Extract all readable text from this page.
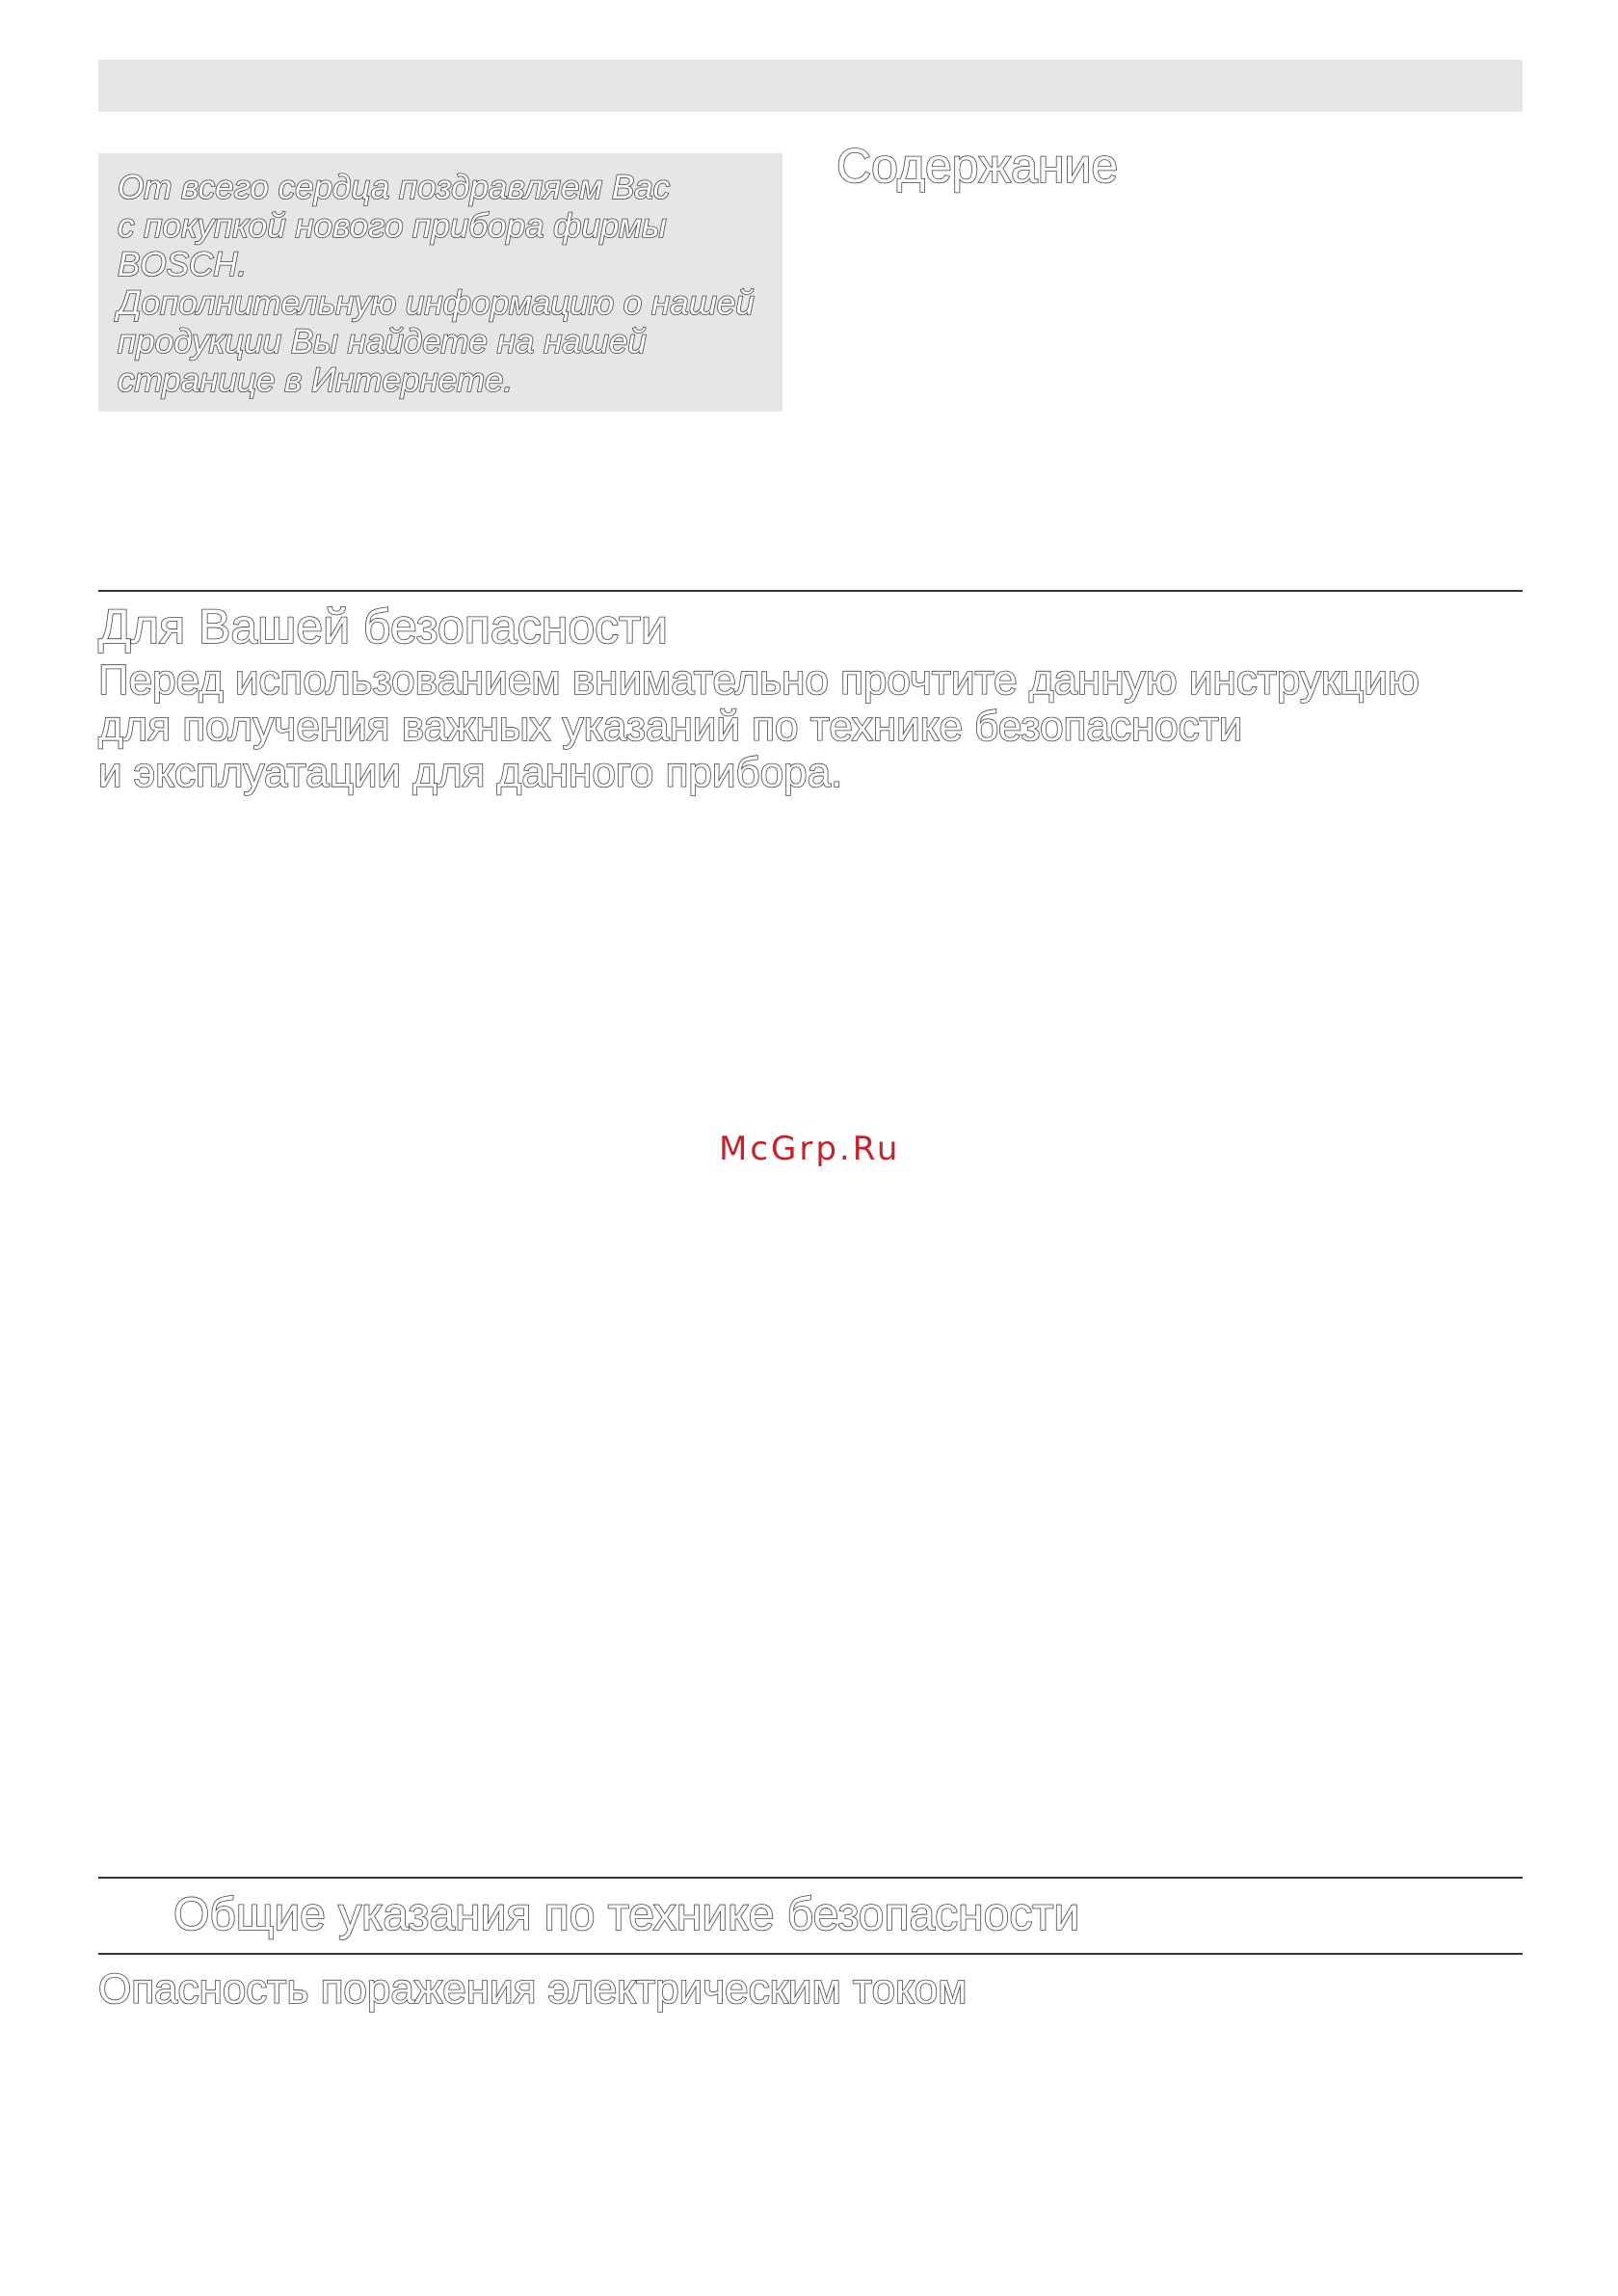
От всего сердца поздравляем Вас
с покупкой нового прибора фирмы
BOSCH.
Дополнительную информацию о нашей
продукции Вы найдете на нашей
странице в Интернете.
Содержание
Для Вашей безопасности
Перед использованием внимательно прочтите данную инструкцию
для получения важных указаний по технике безопасности
и эксплуатации для данного прибора.
McGrp.Ru
Общие указания по технике безопасности
Опасность поражения электрическим током
